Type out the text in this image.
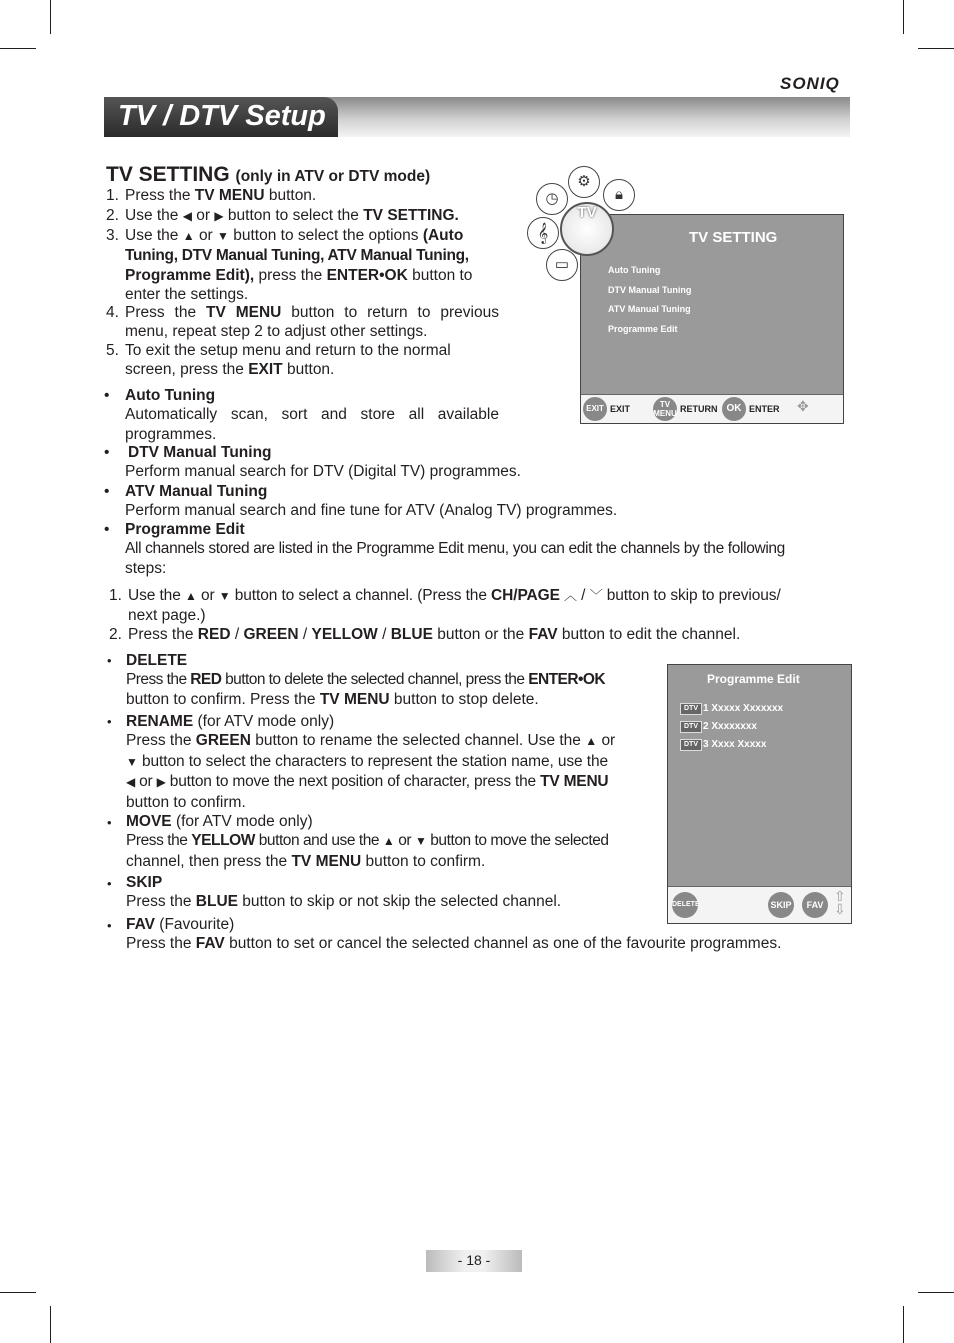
SONIQ
TV / DTV Setup
TV SETTING (only in ATV or DTV mode)
1. Press the TV MENU button.
2. Use the ◀ or ▶ button to select the TV SETTING.
3. Use the ▲ or ▼ button to select the options (Auto
Tuning, DTV Manual Tuning, ATV Manual Tuning,
Programme Edit), press the ENTER•OK button to
enter the settings.
4. Press the TV MENU button to return to previous
menu, repeat step 2 to adjust other settings.
5. To exit the setup menu and return to the normal
screen, press the EXIT button.
• Auto Tuning
Automatically scan, sort and store all available
programmes.
• DTV Manual Tuning
Perform manual search for DTV (Digital TV) programmes.
• ATV Manual Tuning
Perform manual search and fine tune for ATV (Analog TV) programmes.
• Programme Edit
All channels stored are listed in the Programme Edit menu, you can edit the channels by the following
steps:
1. Use the ▲ or ▼ button to select a channel. (Press the CH/PAGE ︿ / ﹀ button to skip to previous/
next page.)
2. Press the RED / GREEN / YELLOW / BLUE button or the FAV button to edit the channel.
• DELETE
Press the RED button to delete the selected channel, press the ENTER•OK
button to confirm. Press the TV MENU button to stop delete.
• RENAME (for ATV mode only)
Press the GREEN button to rename the selected channel. Use the ▲ or
▼ button to select the characters to represent the station name, use the
◀ or ▶ button to move the next position of character, press the TV MENU
button to confirm.
• MOVE (for ATV mode only)
Press the YELLOW button and use the ▲ or ▼ button to move the selected
channel, then press the TV MENU button to confirm.
• SKIP
Press the BLUE button to skip or not skip the selected channel.
• FAV (Favourite)
Press the FAV button to set or cancel the selected channel as one of the favourite programmes.
TV SETTING
Auto Tuning
DTV Manual Tuning
ATV Manual Tuning
Programme Edit
EXIT EXIT	TV
MENU RETURN OK ENTER ✥
◷
⚙
🔒︎
𝄞
▭
TV
Programme Edit
DTV 1 Xxxxx Xxxxxxx
DTV 2 Xxxxxxxx
DTV 3 Xxxx Xxxxx
DELETE	SKIP	FAV
⇧
⇩
- 18 -
